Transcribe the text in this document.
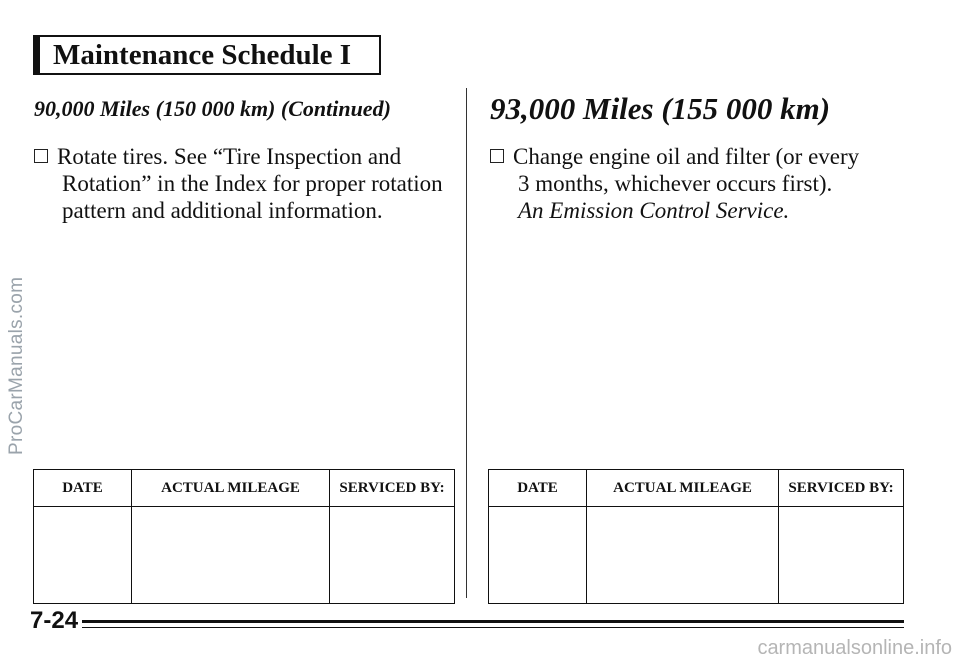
ProCarManuals.com
Maintenance Schedule I
90,000 Miles (150 000 km) (Continued)
Rotate tires. See “Tire Inspection and
Rotation” in the Index for proper rotation
pattern and additional information.
DATE	ACTUAL MILEAGE	SERVICED BY:

93,000 Miles (155 000 km)
Change engine oil and filter (or every
3 months, whichever occurs first).
An Emission Control Service.
DATE	ACTUAL MILEAGE	SERVICED BY:

7-24
carmanualsonline.info
